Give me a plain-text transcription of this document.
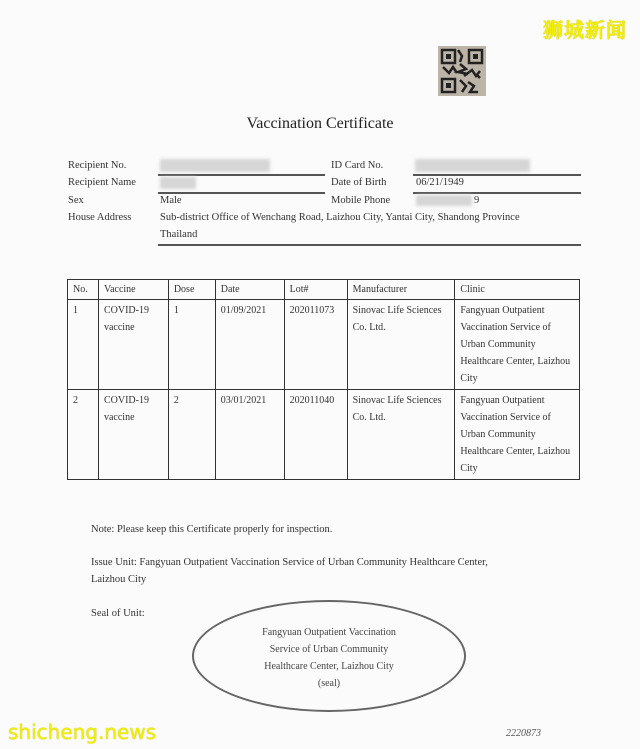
狮城新闻
shicheng.news
Vaccination Certificate
Recipient No.
Recipient Name
Sex	Male
House Address	Sub-district Office of Wenchang Road, Laizhou City, Yantai City, Shandong Province
Thailand
ID Card No.
Date of Birth	06/21/1949
Mobile Phone	9
No.	Vaccine	Dose	Date	Lot#	Manufacturer	Clinic
1	COVID-19 vaccine	1	01/09/2021	202011073	Sinovac Life Sciences Co. Ltd.	Fangyuan Outpatient Vaccination Service of Urban Community Healthcare Center, Laizhou City
2	COVID-19 vaccine	2	03/01/2021	202011040	Sinovac Life Sciences Co. Ltd.	Fangyuan Outpatient Vaccination Service of Urban Community Healthcare Center, Laizhou City
Note: Please keep this Certificate properly for inspection.
Issue Unit: Fangyuan Outpatient Vaccination Service of Urban Community Healthcare Center,
Laizhou City
Seal of Unit:
Fangyuan Outpatient Vaccination
Service of Urban Community
Healthcare Center, Laizhou City
(seal)
2220873
